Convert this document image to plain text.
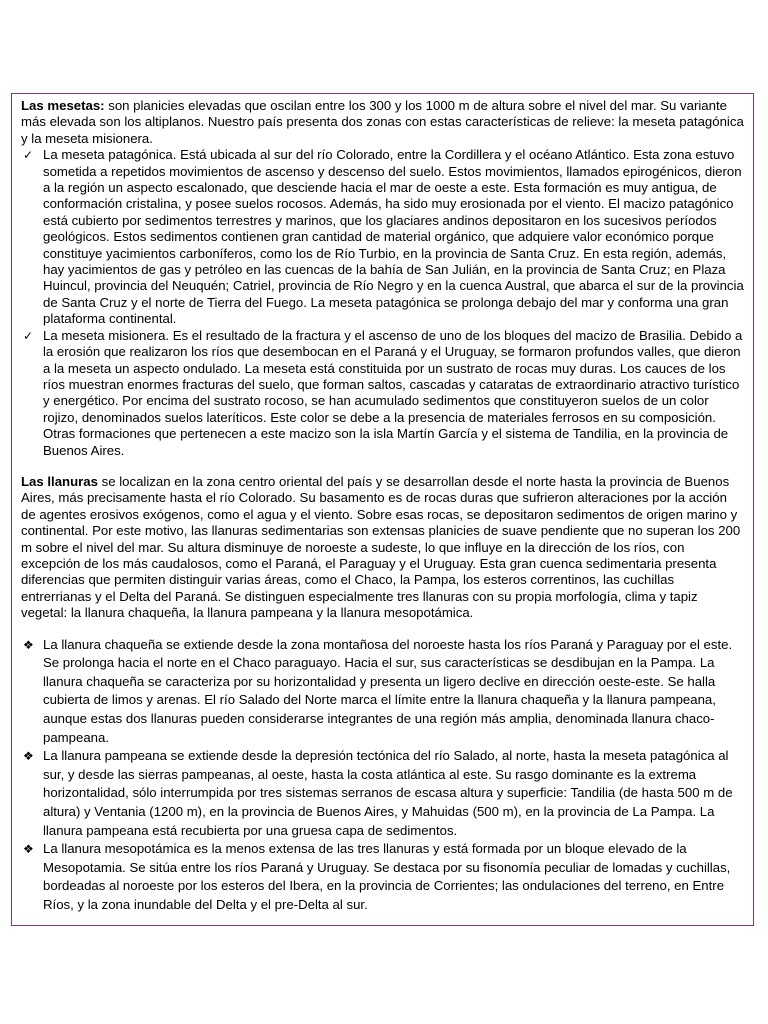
Las mesetas: son planicies elevadas que oscilan entre los 300 y los 1000 m de altura sobre el nivel del mar. Su variante más elevada son los altiplanos. Nuestro país presenta dos zonas con estas características de relieve: la meseta patagónica y la meseta misionera.

✓ La meseta patagónica. Está ubicada al sur del río Colorado, entre la Cordillera y el océano Atlántico. Esta zona estuvo sometida a repetidos movimientos de ascenso y descenso del suelo. Estos movimientos, llamados epirogénicos, dieron a la región un aspecto escalonado, que desciende hacia el mar de oeste a este. Esta formación es muy antigua, de conformación cristalina, y posee suelos rocosos. Además, ha sido muy erosionada por el viento. El macizo patagónico está cubierto por sedimentos terrestres y marinos, que los glaciares andinos depositaron en los sucesivos períodos geológicos. Estos sedimentos contienen gran cantidad de material orgánico, que adquiere valor económico porque constituye yacimientos carboníferos, como los de Río Turbio, en la provincia de Santa Cruz. En esta región, además, hay yacimientos de gas y petróleo en las cuencas de la bahía de San Julián, en la provincia de Santa Cruz; en Plaza Huincul, provincia del Neuquén; Catriel, provincia de Río Negro y en la cuenca Austral, que abarca el sur de la provincia de Santa Cruz y el norte de Tierra del Fuego. La meseta patagónica se prolonga debajo del mar y conforma una gran plataforma continental.
✓ La meseta misionera. Es el resultado de la fractura y el ascenso de uno de los bloques del macizo de Brasilia. Debido a la erosión que realizaron los ríos que desembocan en el Paraná y el Uruguay, se formaron profundos valles, que dieron a la meseta un aspecto ondulado. La meseta está constituida por un sustrato de rocas muy duras. Los cauces de los ríos muestran enormes fracturas del suelo, que forman saltos, cascadas y cataratas de extraordinario atractivo turístico y energético. Por encima del sustrato rocoso, se han acumulado sedimentos que constituyeron suelos de un color rojizo, denominados suelos lateríticos. Este color se debe a la presencia de materiales ferrosos en su composición. Otras formaciones que pertenecen a este macizo son la isla Martín García y el sistema de Tandilia, en la provincia de Buenos Aires.

Las llanuras se localizan en la zona centro oriental del país y se desarrollan desde el norte hasta la provincia de Buenos Aires, más precisamente hasta el río Colorado. Su basamento es de rocas duras que sufrieron alteraciones por la acción de agentes erosivos exógenos, como el agua y el viento. Sobre esas rocas, se depositaron sedimentos de origen marino y continental. Por este motivo, las llanuras sedimentarias son extensas planicies de suave pendiente que no superan los 200 m sobre el nivel del mar. Su altura disminuye de noroeste a sudeste, lo que influye en la dirección de los ríos, con excepción de los más caudalosos, como el Paraná, el Paraguay y el Uruguay. Esta gran cuenca sedimentaria presenta diferencias que permiten distinguir varias áreas, como el Chaco, la Pampa, los esteros correntinos, las cuchillas entrerrianas y el Delta del Paraná. Se distinguen especialmente tres llanuras con su propia morfología, clima y tapiz vegetal: la llanura chaqueña, la llanura pampeana y la llanura mesopotámica.

❖ La llanura chaqueña se extiende desde la zona montañosa del noroeste hasta los ríos Paraná y Paraguay por el este. Se prolonga hacia el norte en el Chaco paraguayo. Hacia el sur, sus características se desdibujan en la Pampa. La llanura chaqueña se caracteriza por su horizontalidad y presenta un ligero declive en dirección oeste-este. Se halla cubierta de limos y arenas. El río Salado del Norte marca el límite entre la llanura chaqueña y la llanura pampeana, aunque estas dos llanuras pueden considerarse integrantes de una región más amplia, denominada llanura chaco-pampeana.
❖ La llanura pampeana se extiende desde la depresión tectónica del río Salado, al norte, hasta la meseta patagónica al sur, y desde las sierras pampeanas, al oeste, hasta la costa atlántica al este. Su rasgo dominante es la extrema horizontalidad, sólo interrumpida por tres sistemas serranos de escasa altura y superficie: Tandilia (de hasta 500 m de altura) y Ventania (1200 m), en la provincia de Buenos Aires, y Mahuidas (500 m), en la provincia de La Pampa. La llanura pampeana está recubierta por una gruesa capa de sedimentos.
❖ La llanura mesopotámica es la menos extensa de las tres llanuras y está formada por un bloque elevado de la Mesopotamia. Se sitúa entre los ríos Paraná y Uruguay. Se destaca por su fisonomía peculiar de lomadas y cuchillas, bordeadas al noroeste por los esteros del Ibera, en la provincia de Corrientes; las ondulaciones del terreno, en Entre Ríos, y la zona inundable del Delta y el pre-Delta al sur.
